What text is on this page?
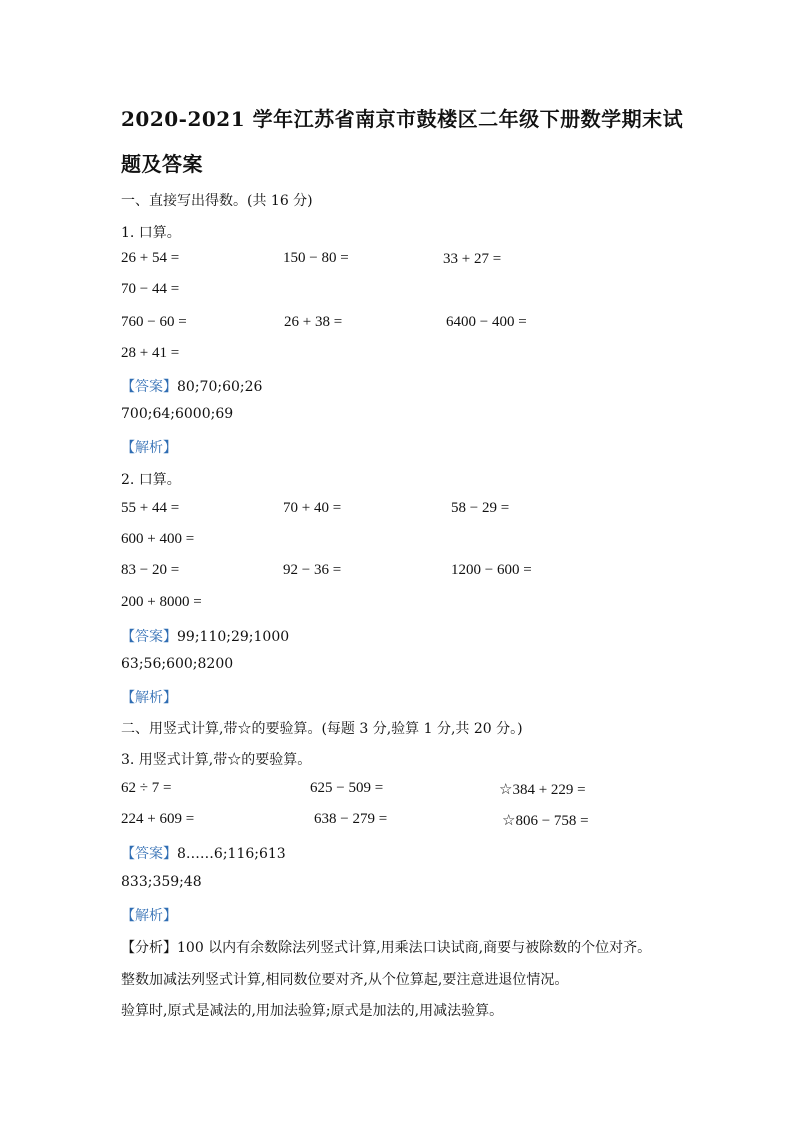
2020-2021 学年江苏省南京市鼓楼区二年级下册数学期末试
题及答案
一、直接写出得数。(共 16 分)
1. 口算。
26 + 54 =	150 − 80 =	33 + 27 =
70 − 44 =
760 − 60 =	26 + 38 =	6400 − 400 =
28 + 41 =
【答案】80;70;60;26
700;64;6000;69
【解析】
2. 口算。
55 + 44 =	70 + 40 =	58 − 29 =
600 + 400 =
83 − 20 =	92 − 36 =	1200 − 600 =
200 + 8000 =
【答案】99;110;29;1000
63;56;600;8200
【解析】
二、用竖式计算,带☆的要验算。(每题 3 分,验算 1 分,共 20 分。)
3. 用竖式计算,带☆的要验算。
62 ÷ 7 =	625 − 509 =	☆384 + 229 =
224 + 609 =	638 − 279 =	☆806 − 758 =
【答案】8……6;116;613
833;359;48
【解析】
【分析】100 以内有余数除法列竖式计算,用乘法口诀试商,商要与被除数的个位对齐。
整数加减法列竖式计算,相同数位要对齐,从个位算起,要注意进退位情况。
验算时,原式是减法的,用加法验算;原式是加法的,用减法验算。
